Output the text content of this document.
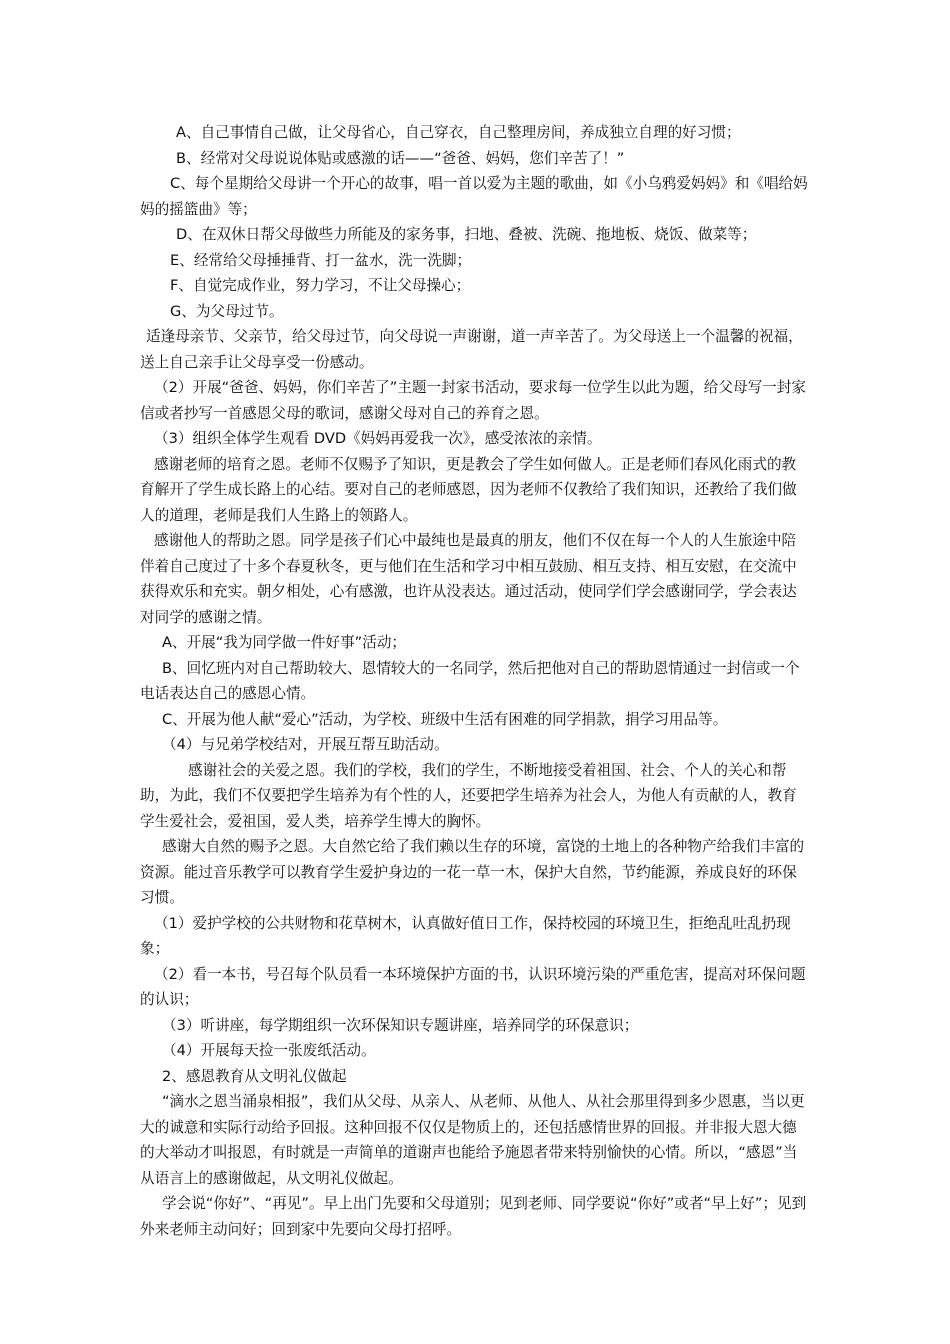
A、自己事情自己做，让父母省心，自己穿衣，自己整理房间，养成独立自理的好习惯；

B、经常对父母说说体贴或感激的话——“爸爸、妈妈，您们辛苦了！”

C、每个星期给父母讲一个开心的故事，唱一首以爱为主题的歌曲，如《小乌鸦爱妈妈》和《唱给妈妈的摇篮曲》等；

D、在双休日帮父母做些力所能及的家务事，扫地、叠被、洗碗、拖地板、烧饭、做菜等；

E、经常给父母捶捶背、打一盆水，洗一洗脚；

F、自觉完成作业，努力学习，不让父母操心；

G、为父母过节。

适逢母亲节、父亲节，给父母过节，向父母说一声谢谢，道一声辛苦了。为父母送上一个温馨的祝福，送上自己亲手让父母享受一份感动。

（2）开展“爸爸、妈妈，你们辛苦了”主题一封家书活动，要求每一位学生以此为题，给父母写一封家信或者抄写一首感恩父母的歌词，感谢父母对自己的养育之恩。

（3）组织全体学生观看 DVD《妈妈再爱我一次》，感受浓浓的亲情。

感谢老师的培育之恩。老师不仅赐予了知识，更是教会了学生如何做人。正是老师们春风化雨式的教育解开了学生成长路上的心结。要对自己的老师感恩，因为老师不仅教给了我们知识，还教给了我们做人的道理，老师是我们人生路上的领路人。

感谢他人的帮助之恩。同学是孩子们心中最纯也是最真的朋友，他们不仅在每一个人的人生旅途中陪伴着自己度过了十多个春夏秋冬，更与他们在生活和学习中相互鼓励、相互支持、相互安慰，在交流中获得欢乐和充实。朝夕相处，心有感激，也许从没表达。通过活动，使同学们学会感谢同学，学会表达对同学的感谢之情。

A、开展“我为同学做一件好事”活动；

B、回忆班内对自己帮助较大、恩情较大的一名同学，然后把他对自己的帮助恩情通过一封信或一个电话表达自己的感恩心情。

C、开展为他人献“爱心”活动，为学校、班级中生活有困难的同学捐款，捐学习用品等。

（4）与兄弟学校结对，开展互帮互助活动。

感谢社会的关爱之恩。我们的学校，我们的学生，不断地接受着祖国、社会、个人的关心和帮助，为此，我们不仅要把学生培养为有个性的人，还要把学生培养为社会人，为他人有贡献的人，教育学生爱社会，爱祖国，爱人类，培养学生博大的胸怀。

感谢大自然的赐予之恩。大自然它给了我们赖以生存的环境，富饶的土地上的各种物产给我们丰富的资源。能过音乐教学可以教育学生爱护身边的一花一草一木，保护大自然，节约能源，养成良好的环保习惯。

（1）爱护学校的公共财物和花草树木，认真做好值日工作，保持校园的环境卫生，拒绝乱吐乱扔现象；

（2）看一本书，号召每个队员看一本环境保护方面的书，认识环境污染的严重危害，提高对环保问题的认识；

（3）听讲座，每学期组织一次环保知识专题讲座，培养同学的环保意识；

（4）开展每天捡一张废纸活动。

2、感恩教育从文明礼仪做起

“滴水之恩当涌泉相报”，我们从父母、从亲人、从老师、从他人、从社会那里得到多少恩惠，当以更大的诚意和实际行动给予回报。这种回报不仅仅是物质上的，还包括感情世界的回报。并非报大恩大德的大举动才叫报恩，有时就是一声简单的道谢声也能给予施恩者带来特别愉快的心情。所以，“感恩”当从语言上的感谢做起，从文明礼仪做起。

学会说“你好”、“再见”。早上出门先要和父母道别；见到老师、同学要说“你好”或者“早上好”；见到外来老师主动问好；回到家中先要向父母打招呼。
